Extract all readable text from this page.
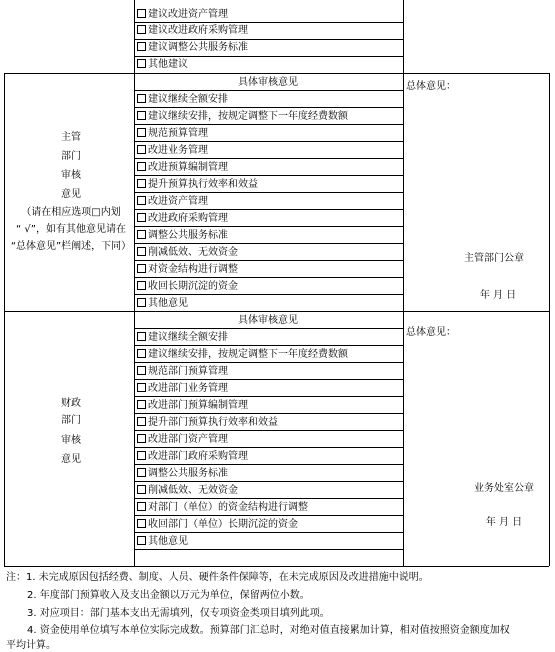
建议改进资产管理
建议改进政府采购管理
建议调整公共服务标准
其他建议
主管
部门
审核
意见
（请在相应选项□内划
“ √”，如有其他意见请在
“总体意见”栏阐述，下同）
具体审核意见
建议继续全额安排
建议继续安排，按规定调整下一年度经费数额
规范预算管理
改进业务管理
改进预算编制管理
提升预算执行效率和效益
改进资产管理
改进政府采购管理
调整公共服务标准
削减低效、无效资金
对资金结构进行调整
收回长期沉淀的资金
其他意见
总体意见：
主管部门公章
年 月 日
财政
部门
审核
意见
具体审核意见
建议继续全额安排
建议继续安排，按规定调整下一年度经费数额
规范部门预算管理
改进部门业务管理
改进部门预算编制管理
提升部门预算执行效率和效益
改进部门资产管理
改进部门政府采购管理
调整公共服务标准
削减低效、无效资金
对部门（单位）的资金结构进行调整
收回部门（单位）长期沉淀的资金
其他意见
总体意见：
业务处室公章
年 月 日
注：1. 未完成原因包括经费、制度、人员、硬件条件保障等，在未完成原因及改进措施中说明。
2. 年度部门预算收入及支出金额以万元为单位，保留两位小数。
3. 对应项目：部门基本支出无需填列，仅专项资金类项目填列此项。
4. 资金使用单位填写本单位实际完成数。预算部门汇总时，对绝对值直接累加计算，相对值按照资金额度加权
平均计算。
